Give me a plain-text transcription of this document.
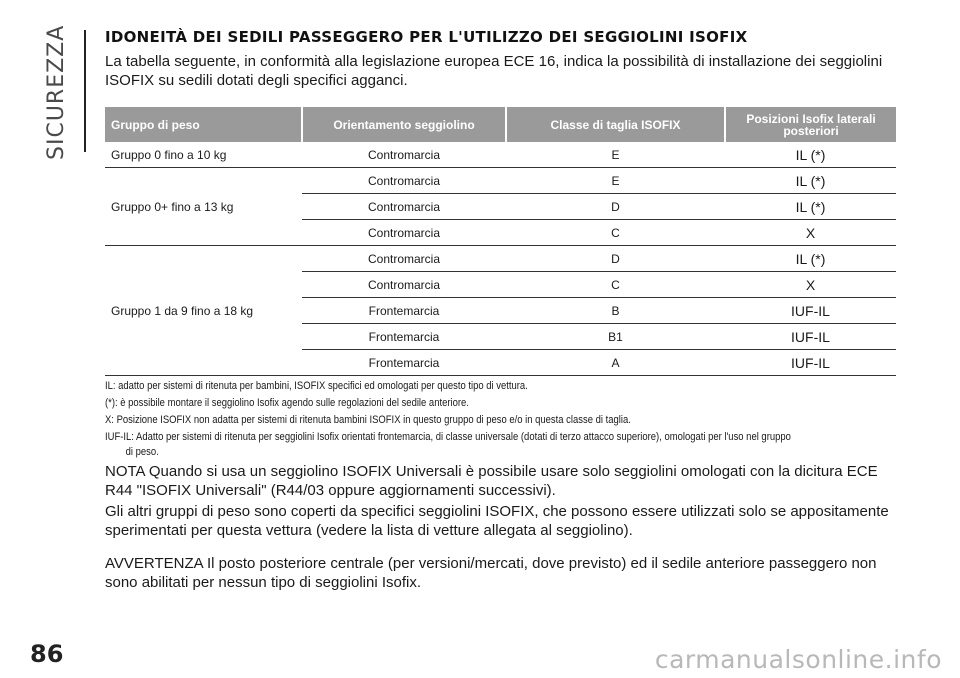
SICUREZZA IDONEITÀ DEI SEDILI PASSEGGERO PER L'UTILIZZO DEI SEGGIOLINI ISOFIX

La tabella seguente, in conformità alla legislazione europea ECE 16, indica la possibilità di installazione dei seggiolini ISOFIX su sedili dotati degli specifici agganci.

Gruppo di peso	Orientamento seggiolino	Classe di taglia ISOFIX	Posizioni Isofix laterali posteriori
Gruppo 0 fino a 10 kg	Contromarcia	E	IL (*)
Gruppo 0+ fino a 13 kg	Contromarcia	E	IL (*)
	Contromarcia	D	IL (*)
	Contromarcia	C	X
Gruppo 1 da 9 fino a 18 kg	Contromarcia	D	IL (*)
	Contromarcia	C	X
	Frontemarcia	B	IUF-IL
	Frontemarcia	B1	IUF-IL
	Frontemarcia	A	IUF-IL
IL: adatto per sistemi di ritenuta per bambini, ISOFIX specifici ed omologati per questo tipo di vettura.
(*): è possibile montare il seggiolino Isofix agendo sulle regolazioni del sedile anteriore.
X: Posizione ISOFIX non adatta per sistemi di ritenuta bambini ISOFIX in questo gruppo di peso e/o in questa classe di taglia.
IUF-IL: Adatto per sistemi di ritenuta per seggiolini Isofix orientati frontemarcia, di classe universale (dotati di terzo attacco superiore), omologati per l'uso nel gruppo
di peso.

NOTA Quando si usa un seggiolino ISOFIX Universali è possibile usare solo seggiolini omologati con la dicitura ECE R44 "ISOFIX Universali" (R44/03 oppure aggiornamenti successivi).

Gli altri gruppi di peso sono coperti da specifici seggiolini ISOFIX, che possono essere utilizzati solo se appositamente sperimentati per questa vettura (vedere la lista di vetture allegata al seggiolino).

AVVERTENZA Il posto posteriore centrale (per versioni/mercati, dove previsto) ed il sedile anteriore passeggero non sono abilitati per nessun tipo di seggiolini Isofix.

86	carmanualsonline.info
